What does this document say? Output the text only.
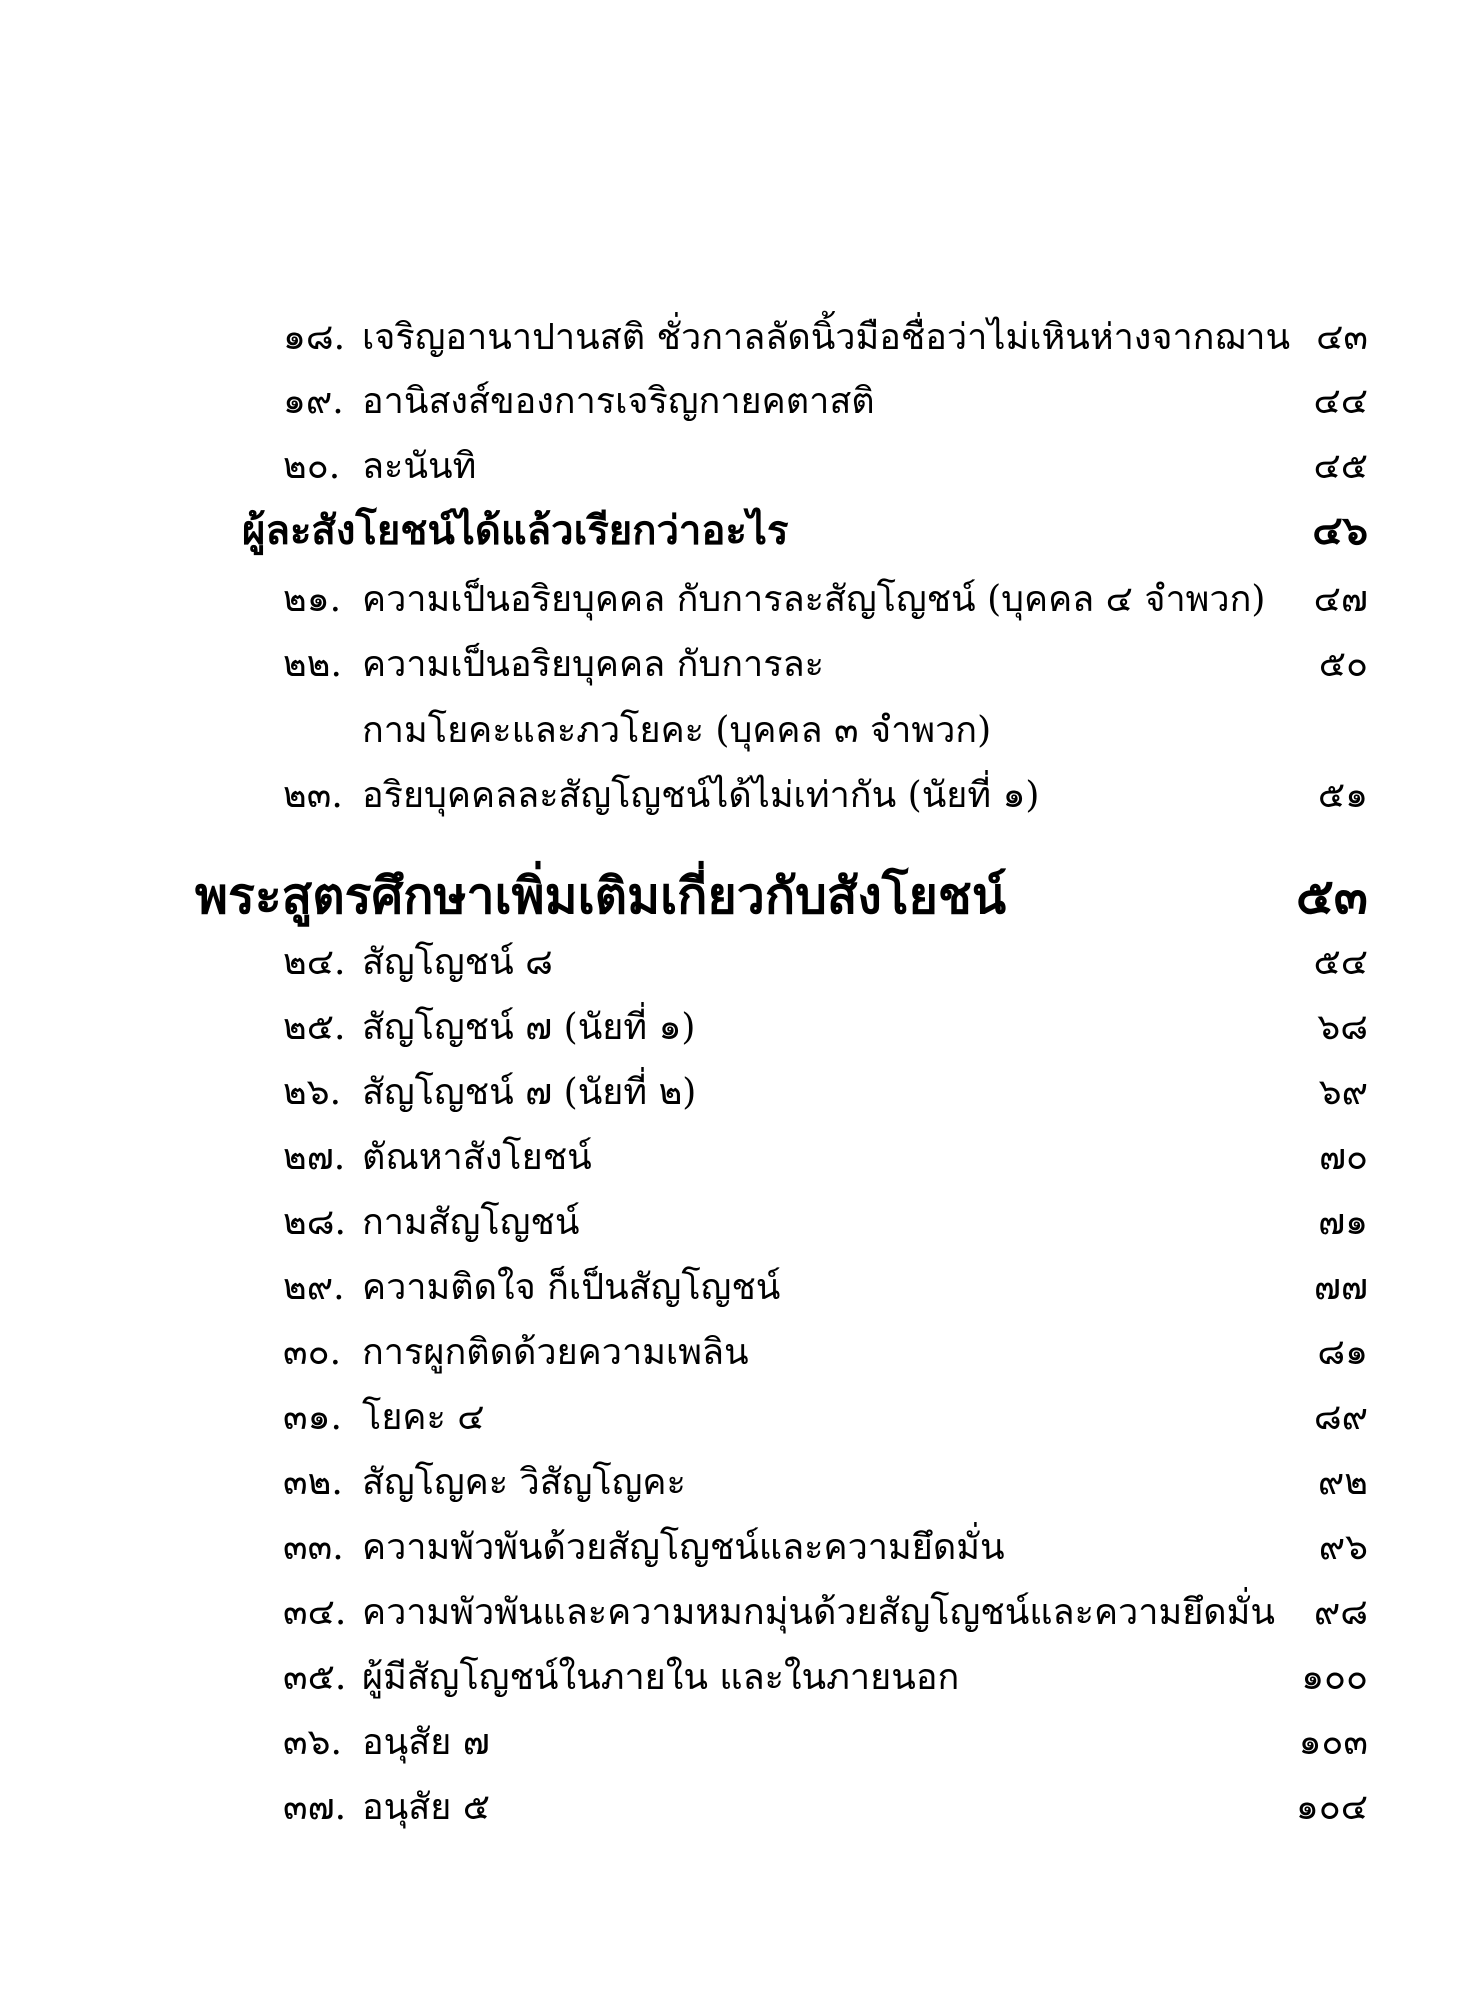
๑๘. เจริญอานาปานสติ ชั่วกาลลัดนิ้วมือชื่อว่าไม่เหินห่างจากฌาน ๔๓
๑๙. อานิสงส์ของการเจริญกายคตาสติ	๔๔
๒๐. ละนันทิ	๔๕
ผู้ละสังโยชน์ได้แล้วเรียกว่าอะไร	๔๖
๒๑. ความเป็นอริยบุคคล กับการละสัญโญชน์ (บุคคล ๔ จำพวก) ๔๗
๒๒. ความเป็นอริยบุคคล กับการละ	๕๐
กามโยคะและภวโยคะ (บุคคล ๓ จำพวก)
๒๓. อริยบุคคลละสัญโญชน์ได้ไม่เท่ากัน (นัยที่ ๑)	๕๑
พระสูตรศึกษาเพิ่มเติมเกี่ยวกับสังโยชน์	๕๓
๒๔. สัญโญชน์ ๘	๕๔
๒๕. สัญโญชน์ ๗ (นัยที่ ๑)	๖๘
๒๖. สัญโญชน์ ๗ (นัยที่ ๒)	๖๙
๒๗. ตัณหาสังโยชน์	๗๐
๒๘. กามสัญโญชน์	๗๑
๒๙. ความติดใจ ก็เป็นสัญโญชน์	๗๗
๓๐. การผูกติดด้วยความเพลิน	๘๑
๓๑. โยคะ ๔	๘๙
๓๒. สัญโญคะ วิสัญโญคะ	๙๒
๓๓. ความพัวพันด้วยสัญโญชน์และความยึดมั่น	๙๖
๓๔. ความพัวพันและความหมกมุ่นด้วยสัญโญชน์และความยึดมั่น ๙๘
๓๕. ผู้มีสัญโญชน์ในภายใน และในภายนอก	๑๐๐
๓๖. อนุสัย ๗	๑๐๓
๓๗. อนุสัย ๕	๑๐๔
